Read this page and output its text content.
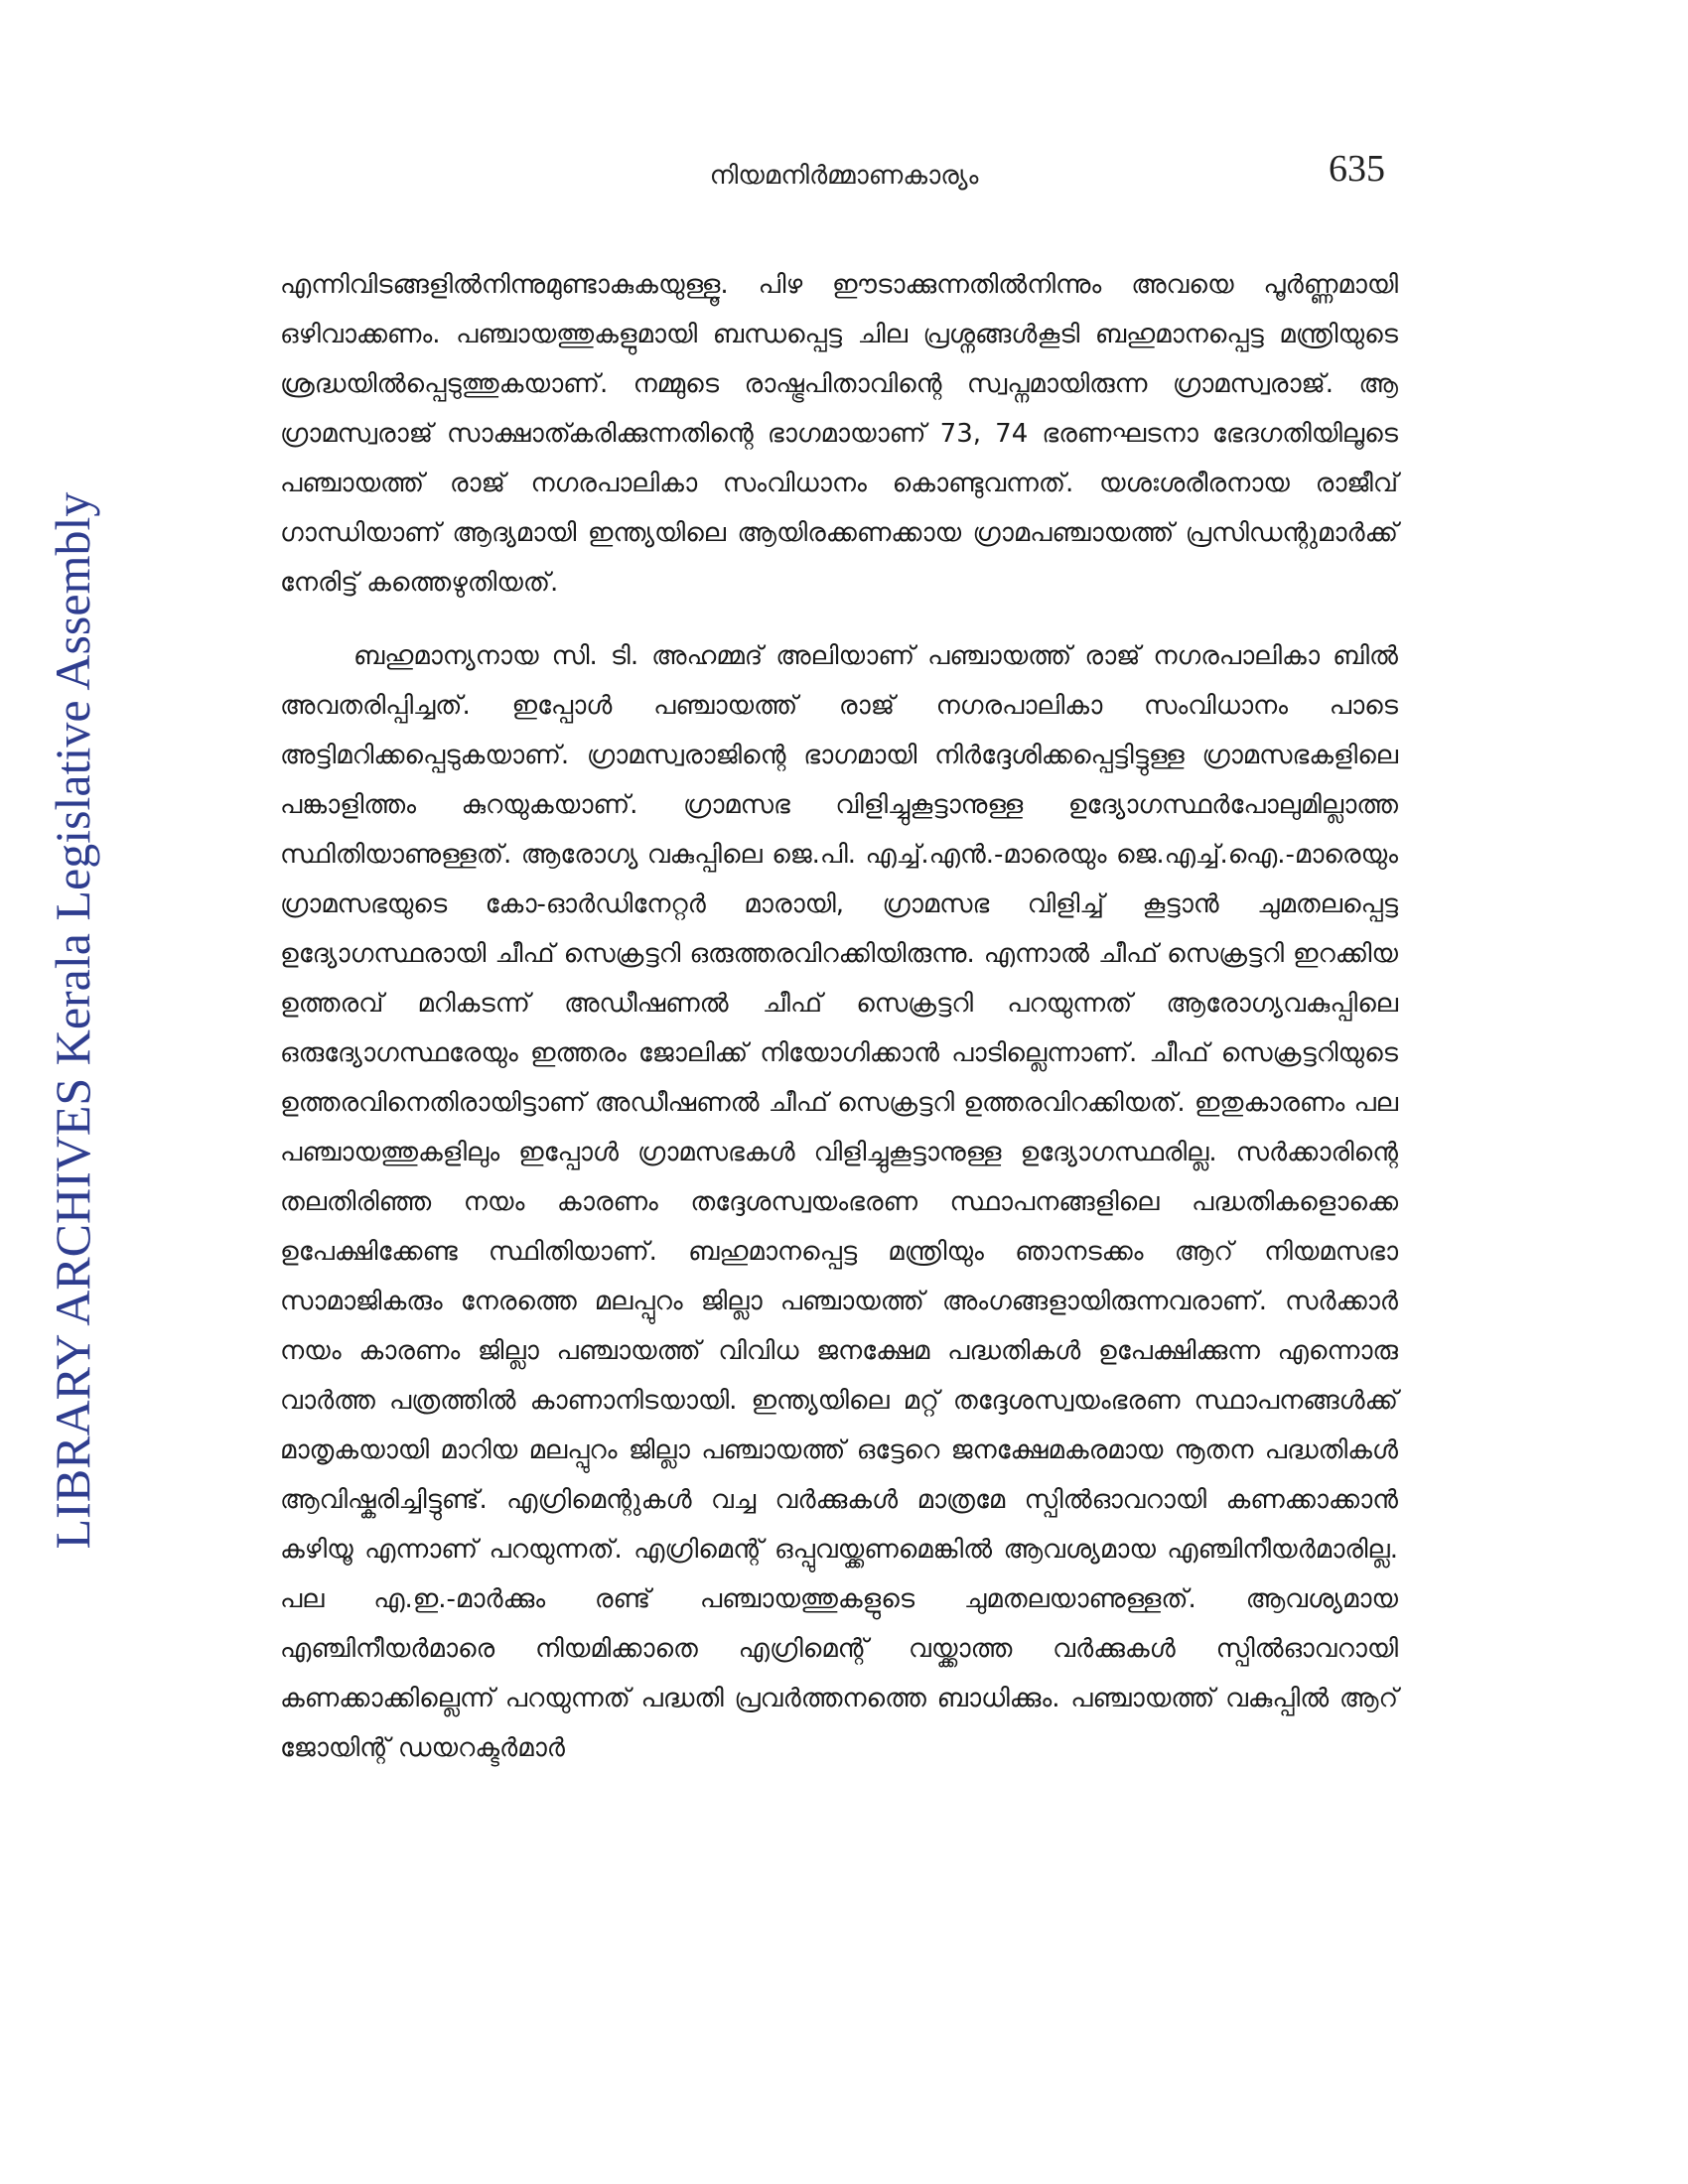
നിയമനിർമ്മാണകാര്യം	635
LIBRARY ARCHIVES Kerala Legislative Assembly

എന്നിവിടങ്ങളിൽനിന്നുമുണ്ടാകുകയുള്ളൂ. പിഴ ഈടാക്കുന്നതിൽനിന്നും അവയെ പൂർണ്ണമായി ഒഴിവാക്കണം. പഞ്ചായത്തുകളുമായി ബന്ധപ്പെട്ട ചില പ്രശ്നങ്ങൾകൂടി ബഹുമാനപ്പെട്ട മന്ത്രിയുടെ ശ്രദ്ധയിൽപ്പെടുത്തുകയാണ്. നമ്മുടെ രാഷ്ട്രപിതാവിന്റെ സ്വപ്നമായിരുന്ന ഗ്രാമസ്വരാജ്. ആ ഗ്രാമസ്വരാജ് സാക്ഷാത്കരിക്കുന്നതിന്റെ ഭാഗമായാണ് 73, 74 ഭരണഘടനാ ഭേദഗതിയിലൂടെ പഞ്ചായത്ത് രാജ് നഗരപാലികാ സംവിധാനം കൊണ്ടുവന്നത്. യശഃശരീരനായ രാജീവ് ഗാന്ധിയാണ് ആദ്യമായി ഇന്ത്യയിലെ ആയിരക്കണക്കായ ഗ്രാമപഞ്ചായത്ത് പ്രസിഡന്റുമാർക്ക് നേരിട്ട് കത്തെഴുതിയത്.

ബഹുമാന്യനായ സി. ടി. അഹമ്മദ് അലിയാണ് പഞ്ചായത്ത് രാജ് നഗരപാലികാ ബിൽ അവതരിപ്പിച്ചത്. ഇപ്പോൾ പഞ്ചായത്ത് രാജ് നഗരപാലികാ സംവിധാനം പാടെ അട്ടിമറിക്കപ്പെടുകയാണ്. ഗ്രാമസ്വരാജിന്റെ ഭാഗമായി നിർദ്ദേശിക്കപ്പെട്ടിട്ടുള്ള ഗ്രാമസഭകളിലെ പങ്കാളിത്തം കുറയുകയാണ്. ഗ്രാമസഭ വിളിച്ചുകൂട്ടാനുള്ള ഉദ്യോഗസ്ഥർപോലുമില്ലാത്ത സ്ഥിതിയാണുള്ളത്. ആരോഗ്യ വകുപ്പിലെ ജെ.പി. എച്ച്.എൻ.-മാരെയും ജെ.എച്ച്.ഐ.-മാരെയും ഗ്രാമസഭയുടെ കോ-ഓർഡിനേറ്റർ മാരായി, ഗ്രാമസഭ വിളിച്ച് കൂട്ടാൻ ചുമതലപ്പെട്ട ഉദ്യോഗസ്ഥരായി ചീഫ് സെക്രട്ടറി ഒരുത്തരവിറക്കിയിരുന്നു. എന്നാൽ ചീഫ് സെക്രട്ടറി ഇറക്കിയ ഉത്തരവ് മറികടന്ന് അഡീഷണൽ ചീഫ് സെക്രട്ടറി പറയുന്നത് ആരോഗ്യവകുപ്പിലെ ഒരുദ്യോഗസ്ഥരേയും ഇത്തരം ജോലിക്ക് നിയോഗിക്കാൻ പാടില്ലെന്നാണ്. ചീഫ് സെക്രട്ടറിയുടെ ഉത്തരവിനെതിരായിട്ടാണ് അഡീഷണൽ ചീഫ് സെക്രട്ടറി ഉത്തരവിറക്കിയത്. ഇതുകാരണം പല പഞ്ചായത്തുകളിലും ഇപ്പോൾ ഗ്രാമസഭകൾ വിളിച്ചുകൂട്ടാനുള്ള ഉദ്യോഗസ്ഥരില്ല. സർക്കാരിന്റെ തലതിരിഞ്ഞ നയം കാരണം തദ്ദേശസ്വയംഭരണ സ്ഥാപനങ്ങളിലെ പദ്ധതികളൊക്കെ ഉപേക്ഷിക്കേണ്ട സ്ഥിതിയാണ്. ബഹുമാനപ്പെട്ട മന്ത്രിയും ഞാനടക്കം ആറ് നിയമസഭാ സാമാജികരും നേരത്തെ മലപ്പുറം ജില്ലാ പഞ്ചായത്ത് അംഗങ്ങളായിരുന്നവരാണ്. സർക്കാർ നയം കാരണം ജില്ലാ പഞ്ചായത്ത് വിവിധ ജനക്ഷേമ പദ്ധതികൾ ഉപേക്ഷിക്കുന്ന എന്നൊരു വാർത്ത പത്രത്തിൽ കാണാനിടയായി. ഇന്ത്യയിലെ മറ്റ് തദ്ദേശസ്വയംഭരണ സ്ഥാപനങ്ങൾക്ക് മാതൃകയായി മാറിയ മലപ്പുറം ജില്ലാ പഞ്ചായത്ത് ഒട്ടേറെ ജനക്ഷേമകരമായ നൂതന പദ്ധതികൾ ആവിഷ്കരിച്ചിട്ടുണ്ട്. എഗ്രിമെന്റുകൾ വച്ച വർക്കുകൾ മാത്രമേ സ്പിൽഓവറായി കണക്കാക്കാൻ കഴിയൂ എന്നാണ് പറയുന്നത്. എഗ്രിമെന്റ് ഒപ്പുവയ്ക്കണമെങ്കിൽ ആവശ്യമായ എഞ്ചിനീയർമാരില്ല. പല എ.ഇ.-മാർക്കും രണ്ട് പഞ്ചായത്തുകളുടെ ചുമതലയാണുള്ളത്. ആവശ്യമായ എഞ്ചിനീയർമാരെ നിയമിക്കാതെ എഗ്രിമെന്റ് വയ്ക്കാത്ത വർക്കുകൾ സ്പിൽഓവറായി കണക്കാക്കില്ലെന്ന് പറയുന്നത് പദ്ധതി പ്രവർത്തനത്തെ ബാധിക്കും. പഞ്ചായത്ത് വകുപ്പിൽ ആറ് ജോയിന്റ് ഡയറക്ടർമാർ
